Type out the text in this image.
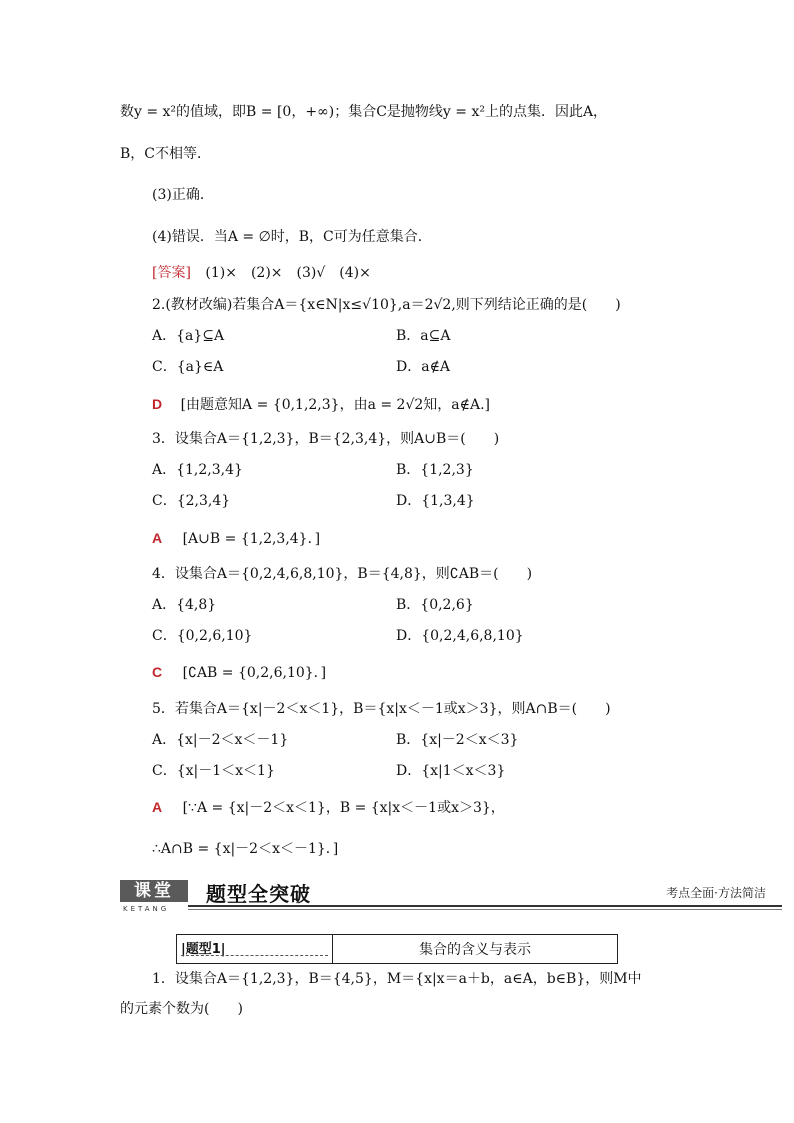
数y = x²的值域，即B = [0，+∞)；集合C是抛物线y = x²上的点集．因此A，
B，C不相等．
(3)正确．
(4)错误．当A = ∅时，B，C可为任意集合．
[答案] (1)×　(2)×　(3)√　(4)×
2.(教材改编)若集合A＝{x∈N|x≤√10},a＝2√2,则下列结论正确的是(　　)
A．{a}⊆A	B．a⊆A
C．{a}∈A	D．a∉A
D [由题意知A = {0,1,2,3}，由a = 2√2知，a∉A.]
3．设集合A＝{1,2,3}，B＝{2,3,4}，则A∪B＝(　　)
A．{1,2,3,4}	B．{1,2,3}
C．{2,3,4}	D．{1,3,4}
A [A∪B = {1,2,3,4}．]
4．设集合A＝{0,2,4,6,8,10}，B＝{4,8}，则∁AB＝(　　)
A．{4,8}	B．{0,2,6}
C．{0,2,6,10}	D．{0,2,4,6,8,10}
C [∁AB = {0,2,6,10}．]
5．若集合A＝{x|－2＜x＜1}，B＝{x|x＜－1或x＞3}，则A∩B＝(　　)
A．{x|－2＜x＜－1}	B．{x|－2＜x＜3}
C．{x|－1＜x＜1}	D．{x|1＜x＜3}
A [∵A = {x|－2＜x＜1}，B = {x|x＜－1或x＞3}，
∴A∩B = {x|－2＜x＜－1}．]
课堂
KETANG
题型全突破	考点全面·方法简洁
|题型1|	集合的含义与表示
1．设集合A＝{1,2,3}，B＝{4,5}，M＝{x|x＝a＋b，a∈A，b∈B}，则M中
的元素个数为(　　)
